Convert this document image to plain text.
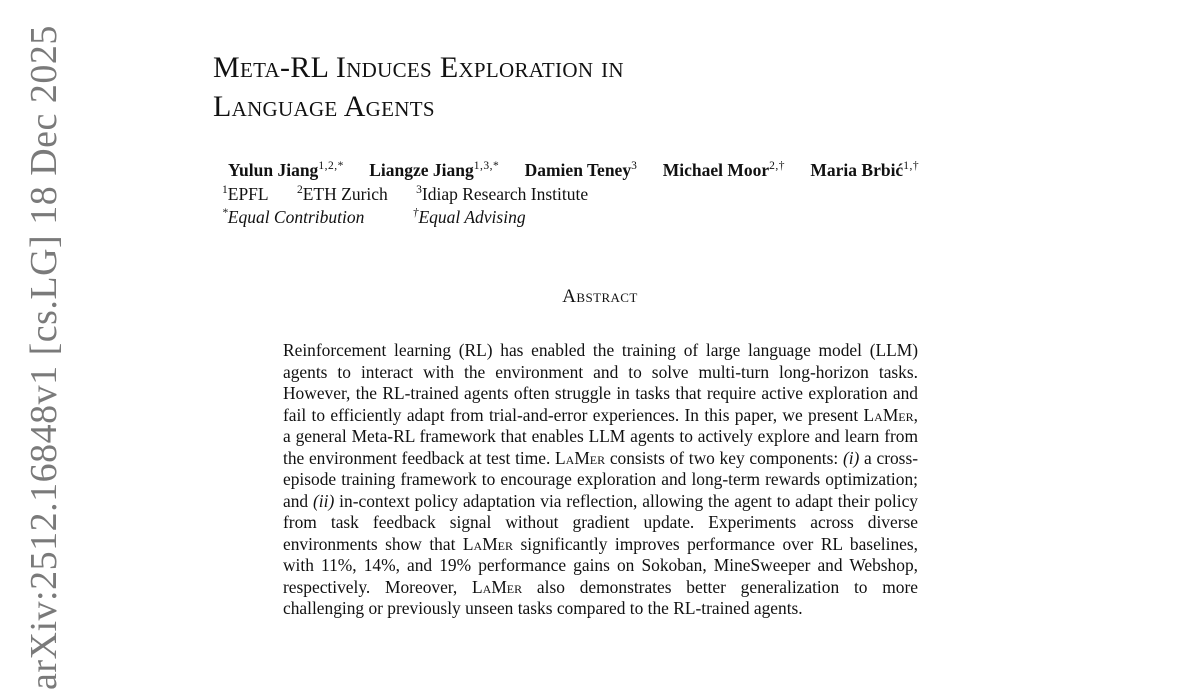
arXiv:2512.16848v1 [cs.LG] 18 Dec 2025	Meta-RL Induces Exploration in
Language Agents
Yulun Jiang$^{1,2,*}$ Liangze Jiang$^{1,3,*}$ Damien Teney$^3$ Michael Moor$^{2,\dagger}$ Maria Brbić$^{1,\dagger}$
$^1$EPFL $^2$ETH Zurich $^3$Idiap Research Institute
*Equal Contribution	†Equal Advising
Abstract

Reinforcement learning (RL) has enabled the training of large language model (LLM) agents to interact with the environment and to solve multi-turn long-horizon tasks. However, the RL-trained agents often struggle in tasks that require active exploration and fail to efficiently adapt from trial-and-error experiences. In this paper, we present LaMer, a general Meta-RL framework that enables LLM agents to actively explore and learn from the environment feedback at test time. LaMer consists of two key components: (i) a cross-episode training framework to encourage exploration and long-term rewards optimization; and (ii) in-context policy adaptation via reflection, allowing the agent to adapt their policy from task feedback signal without gradient update. Experiments across diverse environments show that LaMer significantly improves performance over RL baselines, with 11%, 14%, and 19% performance gains on Sokoban, MineSweeper and Webshop, respectively. Moreover, LaMer also demonstrates better generalization to more challenging or previously unseen tasks compared to the RL-trained agents.
